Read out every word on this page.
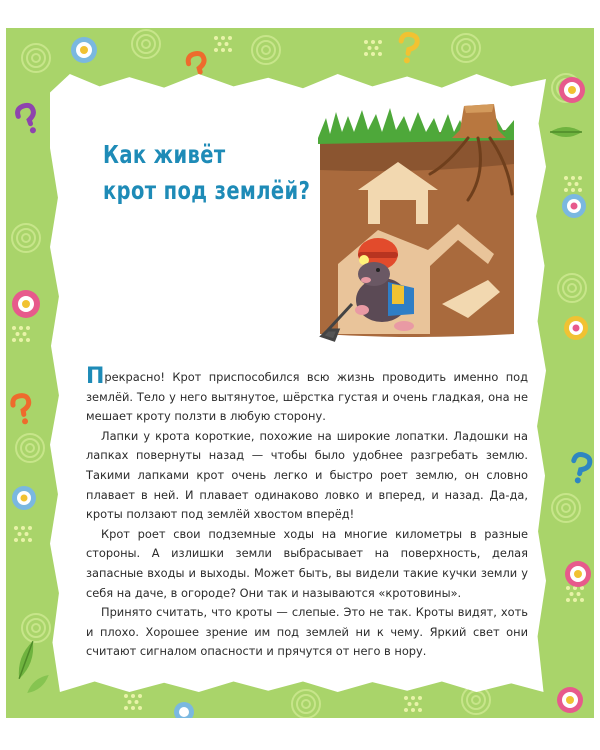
Как живёт
крот под землёй?

Прекрасно! Крот приспособился всю жизнь проводить именно под землёй. Тело у него вытянутое, шёрстка густая и очень гладкая, она не мешает кроту ползти в любую сторону.

Лапки у крота короткие, похожие на широкие лопатки. Ладошки на лапках повернуты назад — чтобы было удобнее разгребать землю. Такими лапками крот очень легко и быстро роет землю, он словно плавает в ней. И плавает одинаково ловко и вперед, и назад. Да-да, кроты ползают под землёй хвостом вперёд!

Крот роет свои подземные ходы на многие километры в разные стороны. А излишки земли выбрасывает на поверхность, делая запасные входы и выходы. Может быть, вы видели такие кучки земли у себя на даче, в огороде? Они так и называются «кротовины».

Принято считать, что кроты — слепые. Это не так. Кроты видят, хоть и плохо. Хорошее зрение им под землей ни к чему. Яркий свет они считают сигналом опасности и прячутся от него в нору.
